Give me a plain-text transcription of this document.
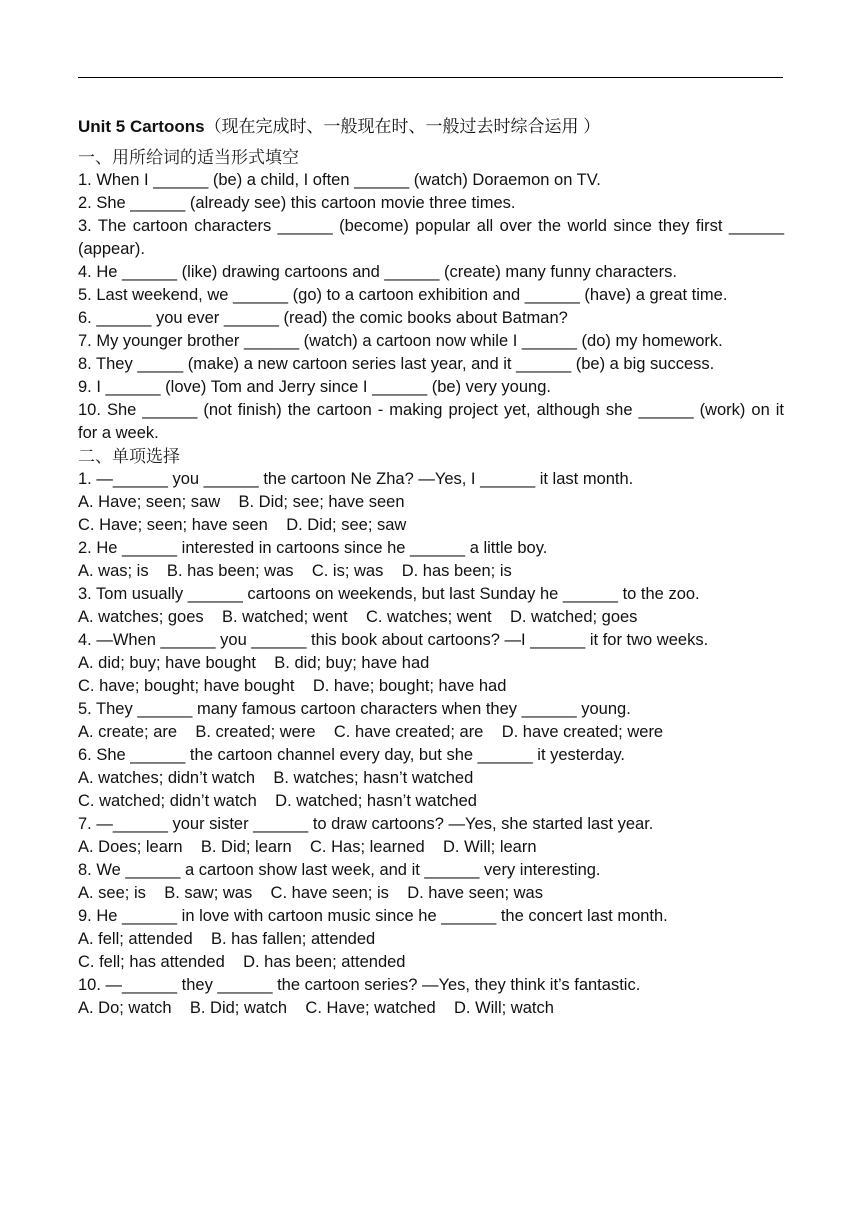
Unit 5 Cartoons（现在完成时、一般现在时、一般过去时综合运用 ）
一、用所给词的适当形式填空
1. When I ______ (be) a child, I often ______ (watch) Doraemon on TV.
2. She ______ (already see) this cartoon movie three times.
3. The cartoon characters ______ (become) popular all over the world since they first ______ (appear).
4. He ______ (like) drawing cartoons and ______ (create) many funny characters.
5. Last weekend, we ______ (go) to a cartoon exhibition and ______ (have) a great time.
6. ______ you ever ______ (read) the comic books about Batman?
7. My younger brother ______ (watch) a cartoon now while I ______ (do) my homework.
8. They _____ (make) a new cartoon series last year, and it ______ (be) a big success.
9. I ______ (love) Tom and Jerry since I ______ (be) very young.
10. She ______ (not finish) the cartoon - making project yet, although she ______ (work) on it for a week.
二、单项选择
1. —______ you ______ the cartoon Ne Zha? —Yes, I ______ it last month.
A. Have; seen; saw    B. Did; see; have seen
C. Have; seen; have seen    D. Did; see; saw
2. He ______ interested in cartoons since he ______ a little boy.
A. was; is    B. has been; was    C. is; was    D. has been; is
3. Tom usually ______ cartoons on weekends, but last Sunday he ______ to the zoo.
A. watches; goes    B. watched; went    C. watches; went    D. watched; goes
4. —When ______ you ______ this book about cartoons? —I ______ it for two weeks.
A. did; buy; have bought    B. did; buy; have had
C. have; bought; have bought    D. have; bought; have had
5. They ______ many famous cartoon characters when they ______ young.
A. create; are    B. created; were    C. have created; are    D. have created; were
6. She ______ the cartoon channel every day, but she ______ it yesterday.
A. watches; didn’t watch    B. watches; hasn’t watched
C. watched; didn’t watch    D. watched; hasn’t watched
7. —______ your sister ______ to draw cartoons? —Yes, she started last year.
A. Does; learn    B. Did; learn    C. Has; learned    D. Will; learn
8. We ______ a cartoon show last week, and it ______ very interesting.
A. see; is    B. saw; was    C. have seen; is    D. have seen; was
9. He ______ in love with cartoon music since he ______ the concert last month.
A. fell; attended    B. has fallen; attended
C. fell; has attended    D. has been; attended
10. —______ they ______ the cartoon series? —Yes, they think it’s fantastic.
A. Do; watch    B. Did; watch    C. Have; watched    D. Will; watch
